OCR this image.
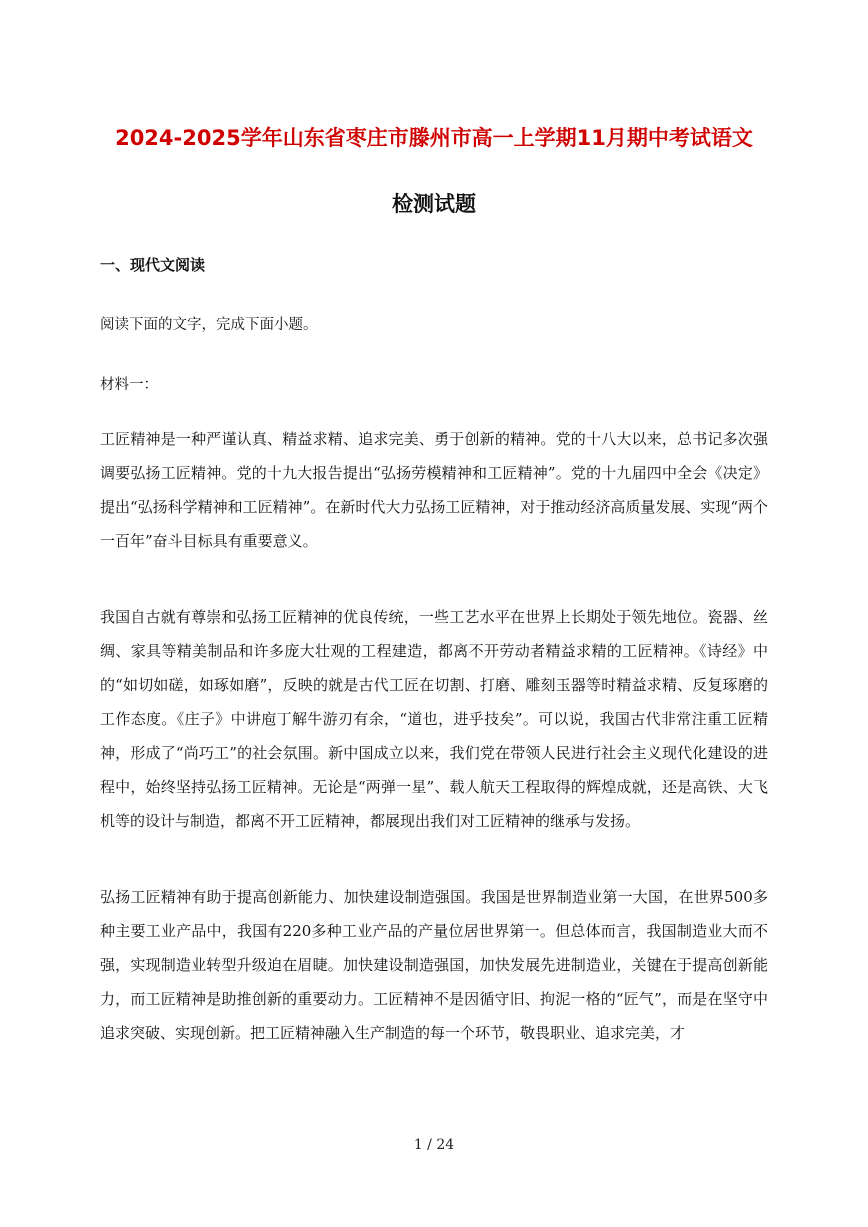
2024-2025学年山东省枣庄市滕州市高一上学期11月期中考试语文
检测试题
一、现代文阅读

阅读下面的文字，完成下面小题。

材料一：

工匠精神是一种严谨认真、精益求精、追求完美、勇于创新的精神。党的十八大以来，总书记多次强调要弘扬工匠精神。党的十九大报告提出“弘扬劳模精神和工匠精神”。党的十九届四中全会《决定》提出“弘扬科学精神和工匠精神”。在新时代大力弘扬工匠精神，对于推动经济高质量发展、实现“两个一百年”奋斗目标具有重要意义。

我国自古就有尊崇和弘扬工匠精神的优良传统，一些工艺水平在世界上长期处于领先地位。瓷器、丝绸、家具等精美制品和许多庞大壮观的工程建造，都离不开劳动者精益求精的工匠精神。《诗经》中的“如切如磋，如琢如磨”，反映的就是古代工匠在切割、打磨、雕刻玉器等时精益求精、反复琢磨的工作态度。《庄子》中讲庖丁解牛游刃有余，“道也，进乎技矣”。可以说，我国古代非常注重工匠精神，形成了“尚巧工”的社会氛围。新中国成立以来，我们党在带领人民进行社会主义现代化建设的进程中，始终坚持弘扬工匠精神。无论是“两弹一星”、载人航天工程取得的辉煌成就，还是高铁、大飞机等的设计与制造，都离不开工匠精神，都展现出我们对工匠精神的继承与发扬。

弘扬工匠精神有助于提高创新能力、加快建设制造强国。我国是世界制造业第一大国，在世界500多种主要工业产品中，我国有220多种工业产品的产量位居世界第一。但总体而言，我国制造业大而不强，实现制造业转型升级迫在眉睫。加快建设制造强国，加快发展先进制造业，关键在于提高创新能力，而工匠精神是助推创新的重要动力。工匠精神不是因循守旧、拘泥一格的“匠气”，而是在坚守中追求突破、实现创新。把工匠精神融入生产制造的每一个环节，敬畏职业、追求完美，才

1 / 24
